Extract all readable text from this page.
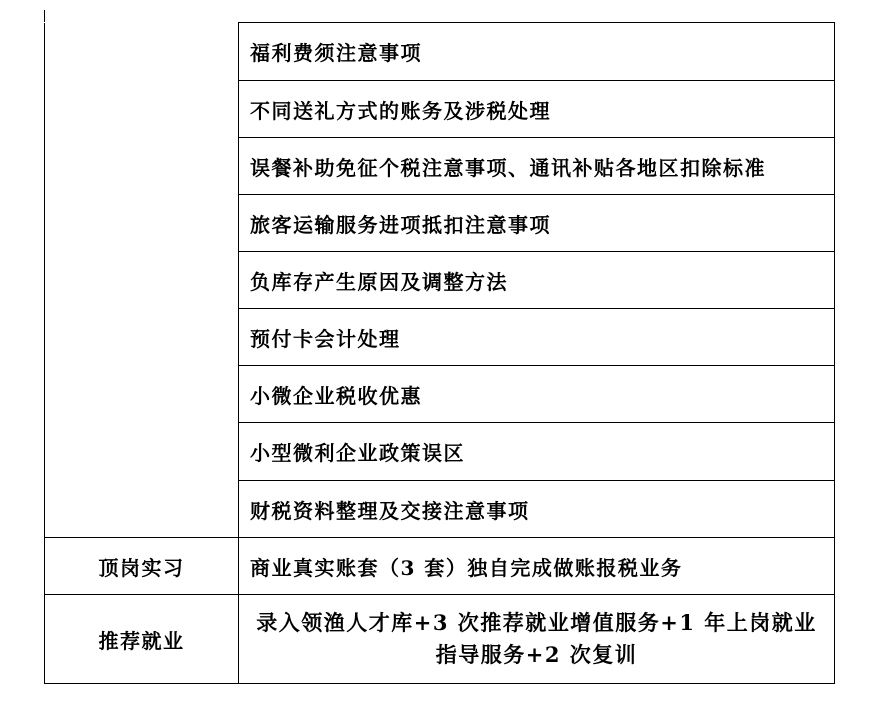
	福利费须注意事项
	不同送礼方式的账务及涉税处理
	误餐补助免征个税注意事项、通讯补贴各地区扣除标准
	旅客运输服务进项抵扣注意事项
	负库存产生原因及调整方法
	预付卡会计处理
	小微企业税收优惠
	小型微利企业政策误区
	财税资料整理及交接注意事项
顶岗实习	商业真实账套（3 套）独自完成做账报税业务
推荐就业	录入领渔人才库+3 次推荐就业增值服务+1 年上岗就业
指导服务+2 次复训
